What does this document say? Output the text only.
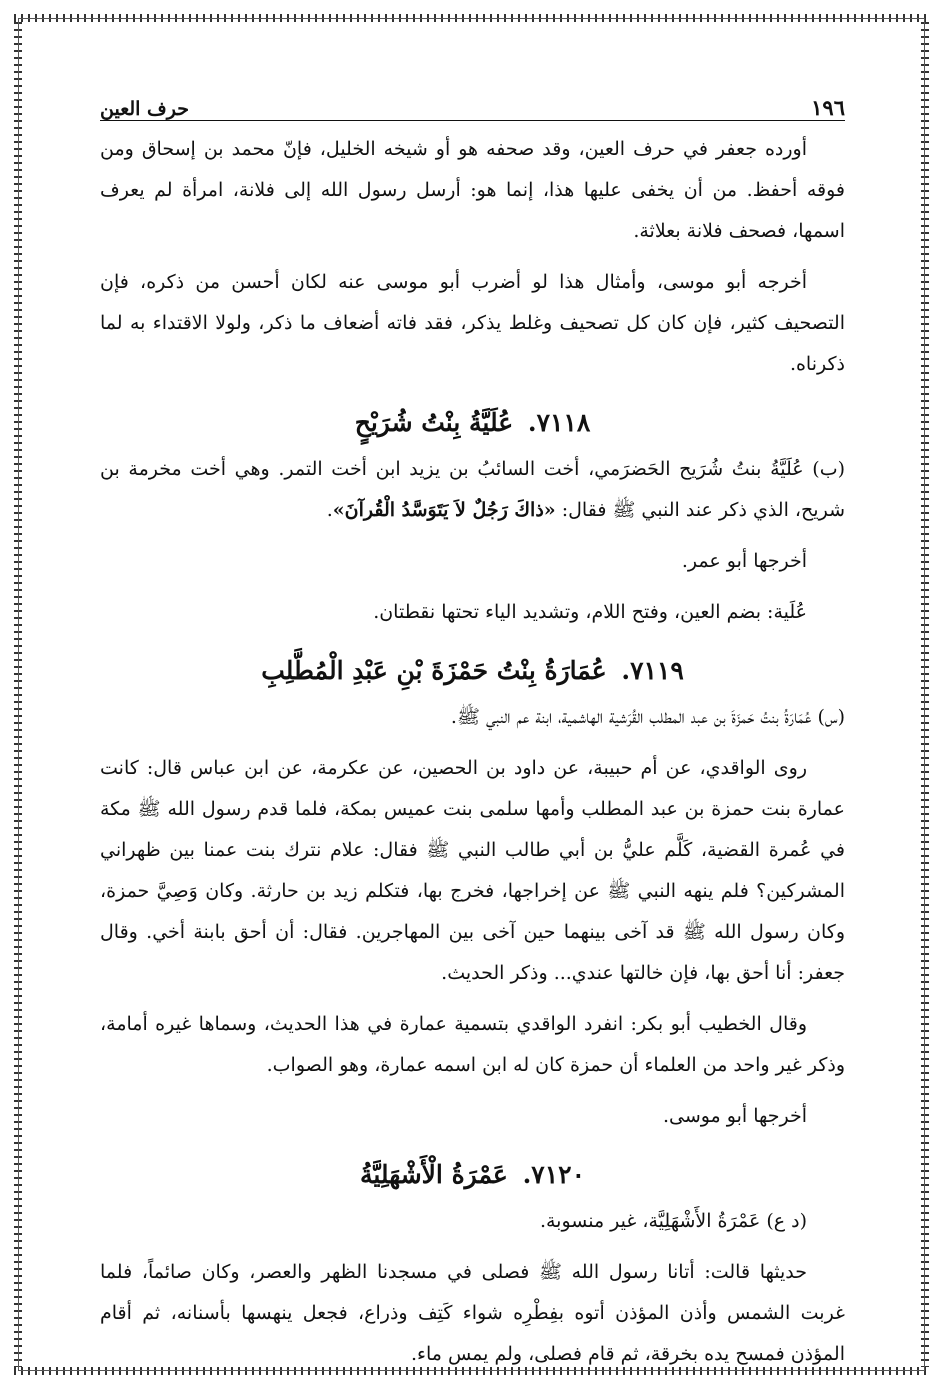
١٩٦
حرف العين

أورده جعفر في حرف العين، وقد صحفه هو أو شيخه الخليل، فإنّ محمد بن إسحاق ومن فوقه أحفظ. من أن يخفى عليها هذا، إنما هو: أرسل رسول الله إلى فلانة، امرأة لم يعرف اسمها، فصحف فلانة بعلاثة.

أخرجه أبو موسى، وأمثال هذا لو أضرب أبو موسى عنه لكان أحسن من ذكره، فإن التصحيف كثير، فإن كان كل تصحيف وغلط يذكر، فقد فاته أضعاف ما ذكر، ولولا الاقتداء به لما ذكرناه.

٧١١٨. عُلَيَّةُ بِنْتُ شُرَيْحٍ

(ب) عُلَيَّةُ بنتُ شُرَيح الحَضرَمي، أخت السائبُ بن يزيد ابن أخت التمر. وهي أخت مخرمة بن شريح، الذي ذكر عند النبي ﷺ فقال: «ذاكَ رَجُلٌ لاَ يَتَوَسَّدُ الْقُرآنَ».

أخرجها أبو عمر.

عُلَية: بضم العين، وفتح اللام، وتشديد الياء تحتها نقطتان.

٧١١٩. عُمَارَةُ بِنْتُ حَمْزَةَ بْنِ عَبْدِ الْمُطَّلِبِ

(س) عُمَارَةُ بنتُ حَمزَةَ بن عبد المطلب القُرَشية الهاشمية، ابنة عم النبي ﷺ.

روى الواقدي، عن أم حبيبة، عن داود بن الحصين، عن عكرمة، عن ابن عباس قال: كانت عمارة بنت حمزة بن عبد المطلب وأمها سلمى بنت عميس بمكة، فلما قدم رسول الله ﷺ مكة في عُمرة القضية، كَلَّم عليُّ بن أبي طالب النبي ﷺ فقال: علام نترك بنت عمنا بين ظهراني المشركين؟ فلم ينهه النبي ﷺ عن إخراجها، فخرج بها، فتكلم زيد بن حارثة. وكان وَصِيَّ حمزة، وكان رسول الله ﷺ قد آخى بينهما حين آخى بين المهاجرين. فقال: أن أحق بابنة أخي. وقال جعفر: أنا أحق بها، فإن خالتها عندي... وذكر الحديث.

وقال الخطيب أبو بكر: انفرد الواقدي بتسمية عمارة في هذا الحديث، وسماها غيره أمامة، وذكر غير واحد من العلماء أن حمزة كان له ابن اسمه عمارة، وهو الصواب.

أخرجها أبو موسى.

٧١٢٠. عَمْرَةُ الْأَشْهَلِيَّةُ

(د ع) عَمْرَةُ الأَشْهَلِيَّة، غير منسوبة.

حديثها قالت: أتانا رسول الله ﷺ فصلى في مسجدنا الظهر والعصر، وكان صائماً، فلما غربت الشمس وأذن المؤذن أتوه بفِطْرِه شواء كَتِف وذراع، فجعل ينهسها بأسنانه، ثم أقام المؤذن فمسح يده بخرقة، ثم قام فصلى، ولم يمس ماء.
